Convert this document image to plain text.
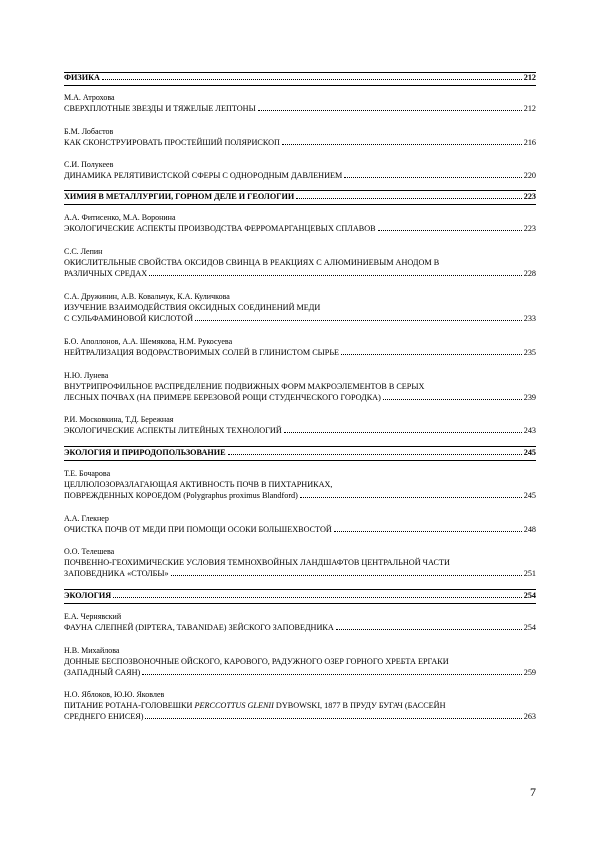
ФИЗИКА	212
М.А. Атрохова
СВЕРХПЛОТНЫЕ ЗВЕЗДЫ И ТЯЖЕЛЫЕ ЛЕПТОНЫ	212
Б.М. Лобастов
КАК СКОНСТРУИРОВАТЬ ПРОСТЕЙШИЙ ПОЛЯРИСКОП	216
С.И. Полукеев
ДИНАМИКА РЕЛЯТИВИСТСКОЙ СФЕРЫ С ОДНОРОДНЫМ ДАВЛЕНИЕМ	220
ХИМИЯ В МЕТАЛЛУРГИИ, ГОРНОМ ДЕЛЕ И ГЕОЛОГИИ	223
А.А. Фитисенко, М.А. Воронина
ЭКОЛОГИЧЕСКИЕ АСПЕКТЫ ПРОИЗВОДСТВА ФЕРРОМАРГАНЦЕВЫХ СПЛАВОВ	223
С.С. Лепин
ОКИСЛИТЕЛЬНЫЕ СВОЙСТВА ОКСИДОВ СВИНЦА В РЕАКЦИЯХ С АЛЮМИНИЕВЫМ АНОДОМ В
РАЗЛИЧНЫХ СРЕДАХ	228
С.А. Дружинин, А.В. Ковальчук, К.А. Куличкова
ИЗУЧЕНИЕ ВЗАИМОДЕЙСТВИЯ ОКСИДНЫХ СОЕДИНЕНИЙ МЕДИ
С СУЛЬФАМИНОВОЙ КИСЛОТОЙ	233
Б.О. Аполлонов, А.А. Шемякова, Н.М. Рукосуева
НЕЙТРАЛИЗАЦИЯ ВОДОРАСТВОРИМЫХ СОЛЕЙ В ГЛИНИСТОМ СЫРЬЕ	235
Н.Ю. Лунева
ВНУТРИПРОФИЛЬНОЕ РАСПРЕДЕЛЕНИЕ ПОДВИЖНЫХ ФОРМ МАКРОЭЛЕМЕНТОВ В СЕРЫХ
ЛЕСНЫХ ПОЧВАХ (НА ПРИМЕРЕ БЕРЕЗОВОЙ РОЩИ СТУДЕНЧЕСКОГО ГОРОДКА)	239
Р.И. Московкина, Т.Д. Бережная
ЭКОЛОГИЧЕСКИЕ АСПЕКТЫ ЛИТЕЙНЫХ ТЕХНОЛОГИЙ	243
ЭКОЛОГИЯ И ПРИРОДОПОЛЬЗОВАНИЕ	245
Т.Е. Бочарова
ЦЕЛЛЮЛОЗОРАЗЛАГАЮЩАЯ АКТИВНОСТЬ ПОЧВ В ПИХТАРНИКАХ,
ПОВРЕЖДЕННЫХ КОРОЕДОМ (Polygraphus proximus Blandford)	245
А.А. Глекнер
ОЧИСТКА ПОЧВ ОТ МЕДИ ПРИ ПОМОЩИ ОСОКИ БОЛЬШЕХВОСТОЙ	248
О.О. Телешева
ПОЧВЕННО-ГЕОХИМИЧЕСКИЕ УСЛОВИЯ ТЕМНОХВОЙНЫХ ЛАНДШАФТОВ ЦЕНТРАЛЬНОЙ ЧАСТИ
ЗАПОВЕДНИКА «СТОЛБЫ»	251
ЭКОЛОГИЯ	254
Е.А. Чернявский
ФАУНА СЛЕПНЕЙ (DIPTERA, TABANIDAE) ЗЕЙСКОГО ЗАПОВЕДНИКА	254
Н.В. Михайлова
ДОННЫЕ БЕСПОЗВОНОЧНЫЕ ОЙСКОГО, КАРОВОГО, РАДУЖНОГО ОЗЕР ГОРНОГО ХРЕБТА ЕРГАКИ
(ЗАПАДНЫЙ САЯН)	259
Н.О. Яблоков, Ю.Ю. Яковлев
ПИТАНИЕ РОТАНА-ГОЛОВЕШКИ PERCCOTTUS GLENII DYBOWSKI, 1877 В ПРУДУ БУГАЧ (БАССЕЙН
СРЕДНЕГО ЕНИСЕЯ)	263
7
